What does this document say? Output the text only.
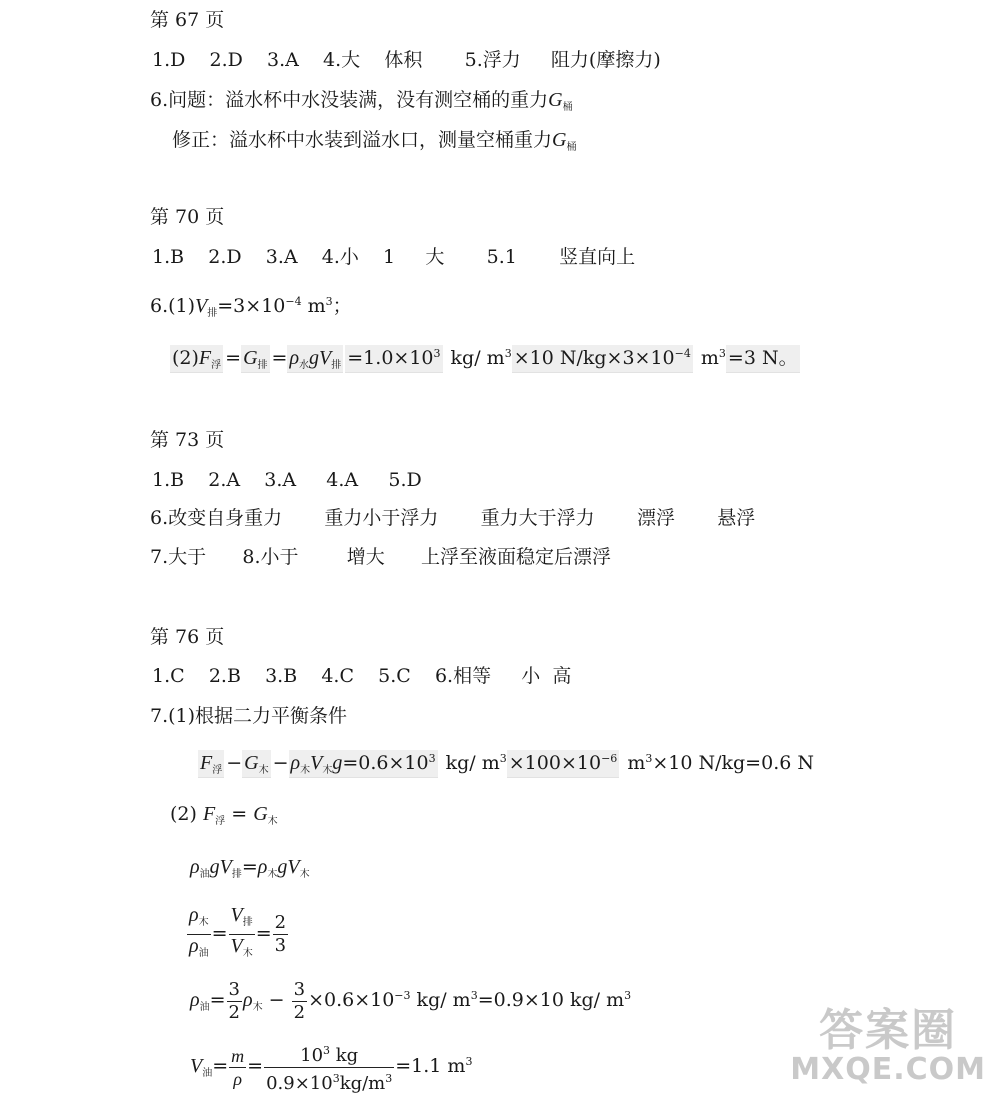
第 67 页
1.D    2.D    3.A    4.大    体积       5.浮力     阻力(摩擦力)
6.问题：溢水杯中水没装满，没有测空桶的重力$G_桶$
修正：溢水杯中水装到溢水口，测量空桶重力$G_桶$
第 70 页
1.B    2.D    3.A    4.小    1     大       5.1       竖直向上
$6.(1)V_排=3\times 10^{-4}$ $m^3$；
$(2)F_浮 = G_排 = \rho_水gV_排 =1.0\times 10^3$ kg/ $m^3 \times 10$ $N/kg\times 3\times 10^{-4}$ $m^3 =3$ N。
第 73 页
1.B    2.A    3.A     4.A     5.D
6.改变自身重力       重力小于浮力       重力大于浮力       漂浮       悬浮
7.大于      8.小于        增大      上浮至液面稳定后漂浮
第 76 页
1.C    2.B    3.B    4.C    5.C    6.相等     小  高
7.(1)根据二力平衡条件
$F_浮 - G_木 - \rho_木V_木g=0.6\times 10^3$ kg/ $m^3 \times 100\times 10^{-6}$ $m^3\times 10$ N/kg=0.6 N
(2) $F_浮 = G_木$
$\rho_油gV_排=\rho_木gV_木$
$\frac{\rho_木}{\rho_油} = \frac{V_排}{V_木} = \frac{2}{3}$
$\rho_油= \frac{3}{2} \rho_木 - \frac{3}{2} \times 0.6\times 10^{-3}$ kg/ $m^3=0.9\times 10$ kg/ $m^3$
$V_油= \frac{m}{\rho} = \frac{10^3 kg}{0.9\times 10^3kg/m^3} =1.1$ $m^3$
答案圈
MXQE.COM
